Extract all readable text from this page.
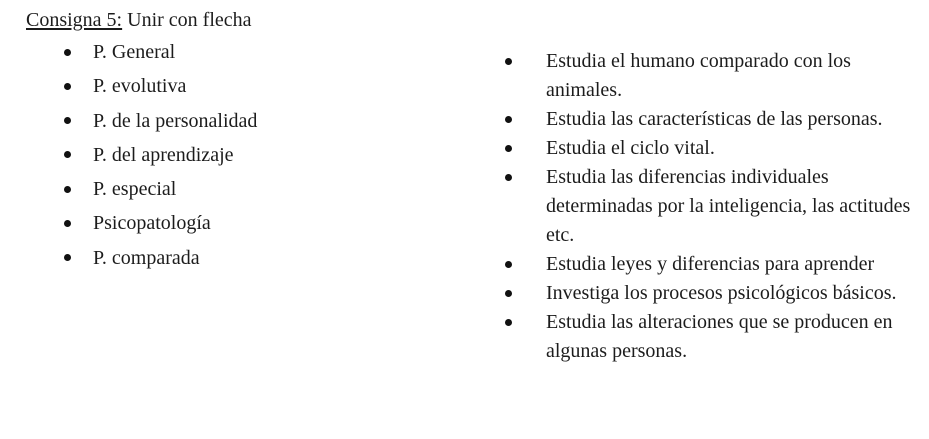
Consigna 5: Unir con flecha
P. General
P. evolutiva
P. de la personalidad
P. del aprendizaje
P. especial
Psicopatología
P. comparada
Estudia el humano comparado con los
animales.
Estudia las características de las personas.
Estudia el ciclo vital.
Estudia las diferencias individuales
determinadas por la inteligencia, las actitudes
etc.
Estudia leyes y diferencias para aprender
Investiga los procesos psicológicos básicos.
Estudia las alteraciones que se producen en
algunas personas.
